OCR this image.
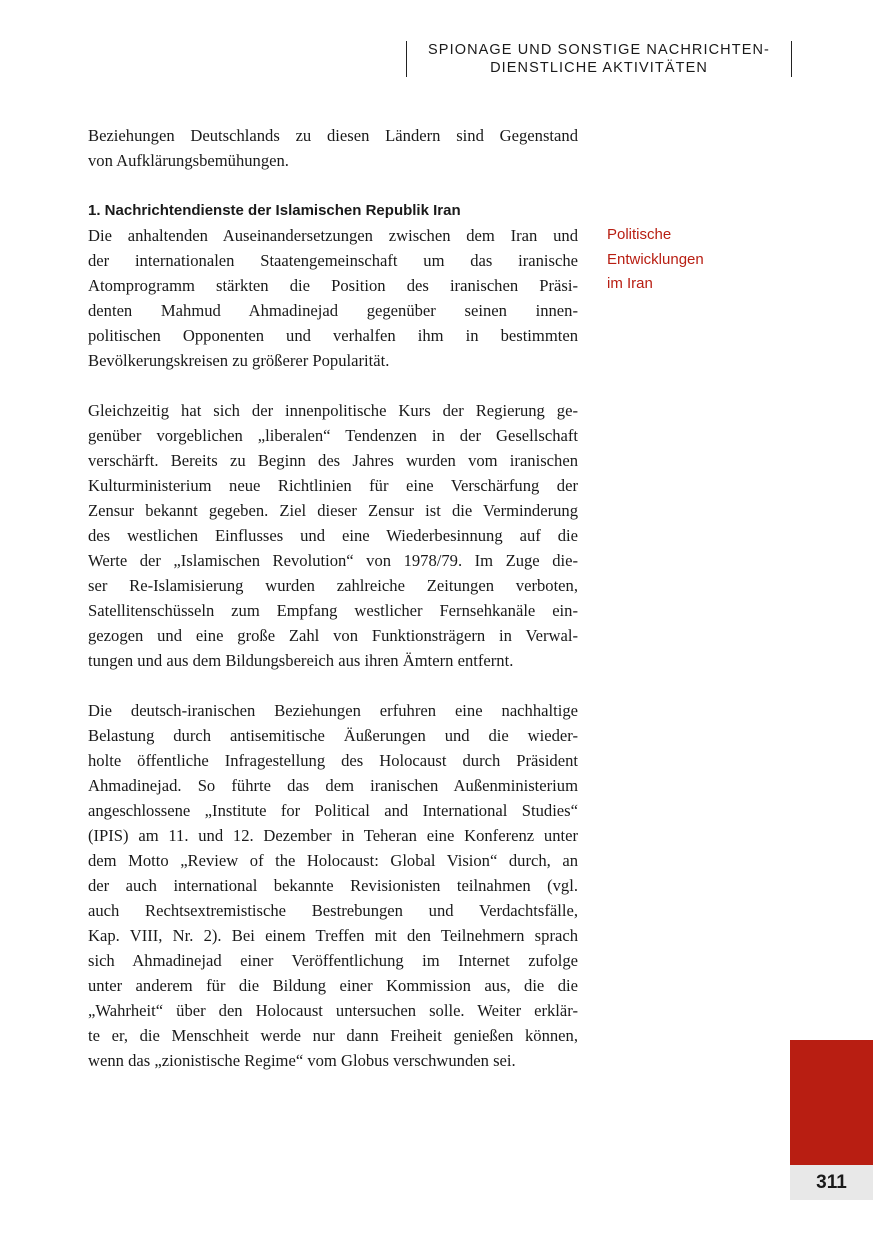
SPIONAGE UND SONSTIGE NACHRICHTEN-
DIENSTLICHE AKTIVITÄTEN

Beziehungen Deutschlands zu diesen Ländern sind Gegenstand
von Aufklärungsbemühungen.

1. Nachrichtendienste der Islamischen Republik Iran

Die anhaltenden Auseinandersetzungen zwischen dem Iran und
der internationalen Staatengemeinschaft um das iranische
Atomprogramm stärkten die Position des iranischen Präsi-
denten Mahmud Ahmadinejad gegenüber seinen innen-
politischen Opponenten und verhalfen ihm in bestimmten
Bevölkerungskreisen zu größerer Popularität.

Gleichzeitig hat sich der innenpolitische Kurs der Regierung ge-
genüber vorgeblichen „liberalen“ Tendenzen in der Gesellschaft
verschärft. Bereits zu Beginn des Jahres wurden vom iranischen
Kulturministerium neue Richtlinien für eine Verschärfung der
Zensur bekannt gegeben. Ziel dieser Zensur ist die Verminderung
des westlichen Einflusses und eine Wiederbesinnung auf die
Werte der „Islamischen Revolution“ von 1978/79. Im Zuge die-
ser Re-Islamisierung wurden zahlreiche Zeitungen verboten,
Satellitenschüsseln zum Empfang westlicher Fernsehkanäle ein-
gezogen und eine große Zahl von Funktionsträgern in Verwal-
tungen und aus dem Bildungsbereich aus ihren Ämtern entfernt.

Die deutsch-iranischen Beziehungen erfuhren eine nachhaltige
Belastung durch antisemitische Äußerungen und die wieder-
holte öffentliche Infragestellung des Holocaust durch Präsident
Ahmadinejad. So führte das dem iranischen Außenministerium
angeschlossene „Institute for Political and International Studies“
(IPIS) am 11. und 12. Dezember in Teheran eine Konferenz unter
dem Motto „Review of the Holocaust: Global Vision“ durch, an
der auch international bekannte Revisionisten teilnahmen (vgl.
auch Rechtsextremistische Bestrebungen und Verdachtsfälle,
Kap. VIII, Nr. 2). Bei einem Treffen mit den Teilnehmern sprach
sich Ahmadinejad einer Veröffentlichung im Internet zufolge
unter anderem für die Bildung einer Kommission aus, die die
„Wahrheit“ über den Holocaust untersuchen solle. Weiter erklär-
te er, die Menschheit werde nur dann Freiheit genießen können,
wenn das „zionistische Regime“ vom Globus verschwunden sei.

Politische
Entwicklungen
im Iran
311
